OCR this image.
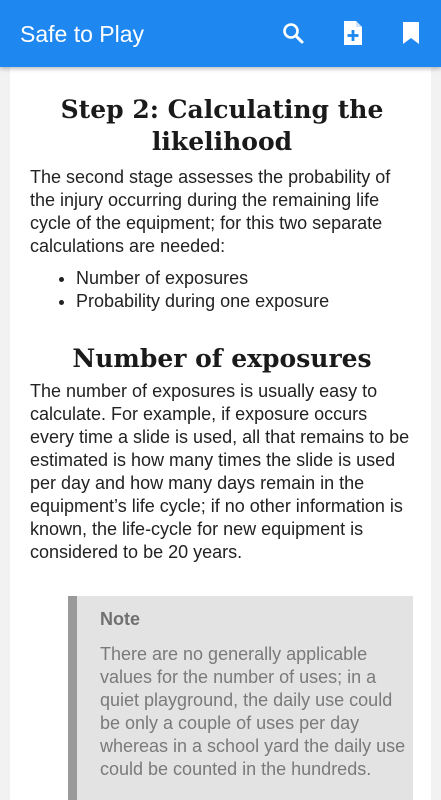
Safe to Play
Step 2: Calculating the likelihood

The second stage assesses the probability of the injury occurring during the remaining life cycle of the equipment; for this two separate calculations are needed:

• Number of exposures
• Probability during one exposure
Number of exposures

The number of exposures is usually easy to calculate. For example, if exposure occurs every time a slide is used, all that remains to be estimated is how many times the slide is used per day and how many days remain in the equipment’s life cycle; if no other information is known, the life-cycle for new equipment is considered to be 20 years.

Note

There are no generally applicable values for the number of uses; in a quiet playground, the daily use could be only a couple of uses per day whereas in a school yard the daily use could be counted in the hundreds.
